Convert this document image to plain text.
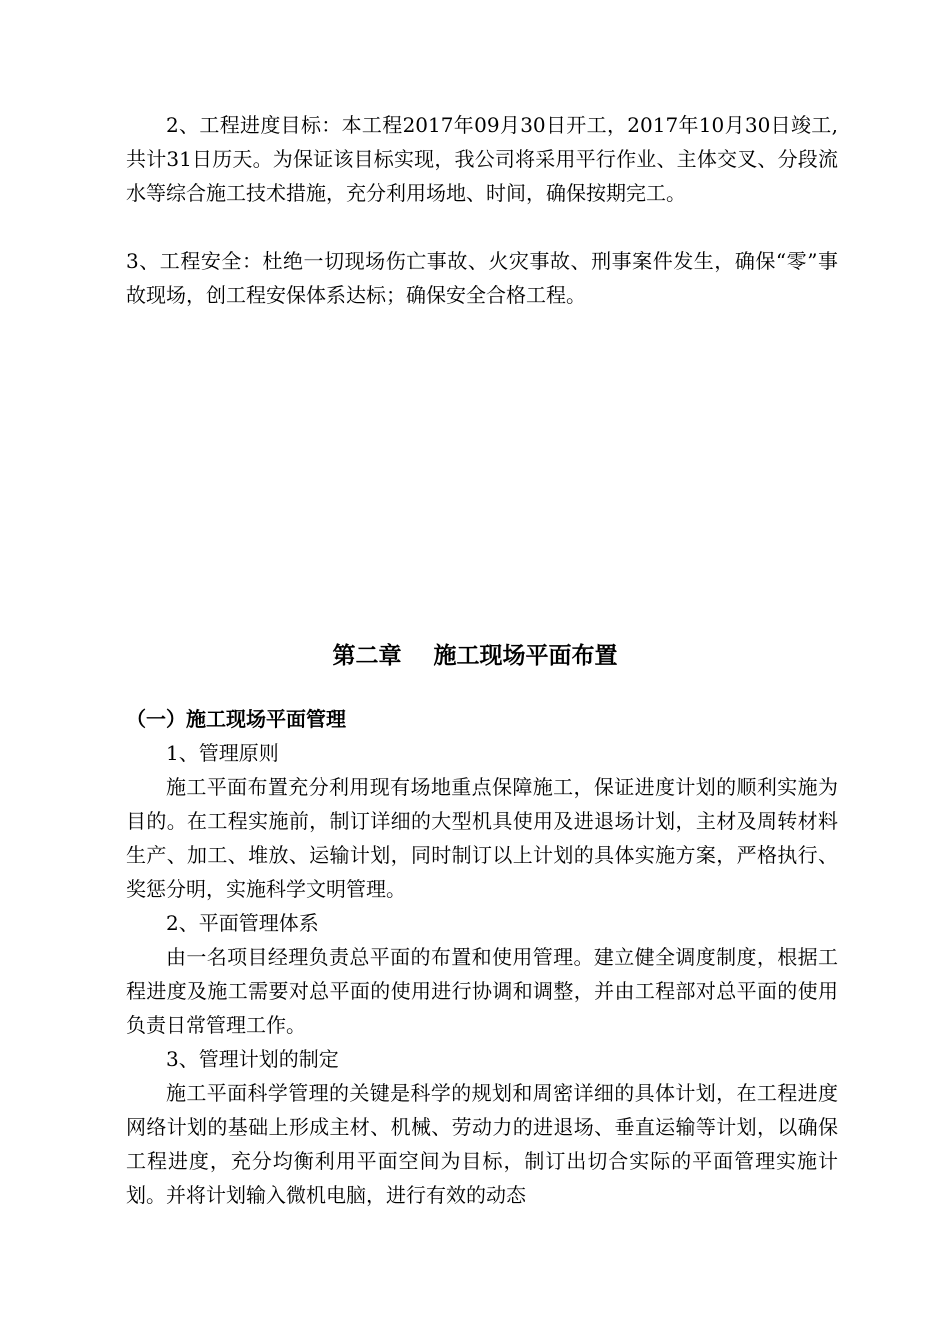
2、工程进度目标：本工程2017年09月30日开工，2017年10月30日竣工,共计31日历天。为保证该目标实现，我公司将采用平行作业、主体交叉、分段流水等综合施工技术措施，充分利用场地、时间，确保按期完工。

3、工程安全：杜绝一切现场伤亡事故、火灾事故、刑事案件发生，确保“零”事故现场，创工程安保体系达标；确保安全合格工程。

第二章    施工现场平面布置
（一）施工现场平面管理

1、管理原则

施工平面布置充分利用现有场地重点保障施工，保证进度计划的顺利实施为目的。在工程实施前，制订详细的大型机具使用及进退场计划，主材及周转材料生产、加工、堆放、运输计划，同时制订以上计划的具体实施方案，严格执行、奖惩分明，实施科学文明管理。

2、平面管理体系

由一名项目经理负责总平面的布置和使用管理。建立健全调度制度，根据工程进度及施工需要对总平面的使用进行协调和调整，并由工程部对总平面的使用负责日常管理工作。

3、管理计划的制定

施工平面科学管理的关键是科学的规划和周密详细的具体计划，在工程进度网络计划的基础上形成主材、机械、劳动力的进退场、垂直运输等计划，以确保工程进度，充分均衡利用平面空间为目标，制订出切合实际的平面管理实施计划。并将计划输入微机电脑，进行有效的动态
